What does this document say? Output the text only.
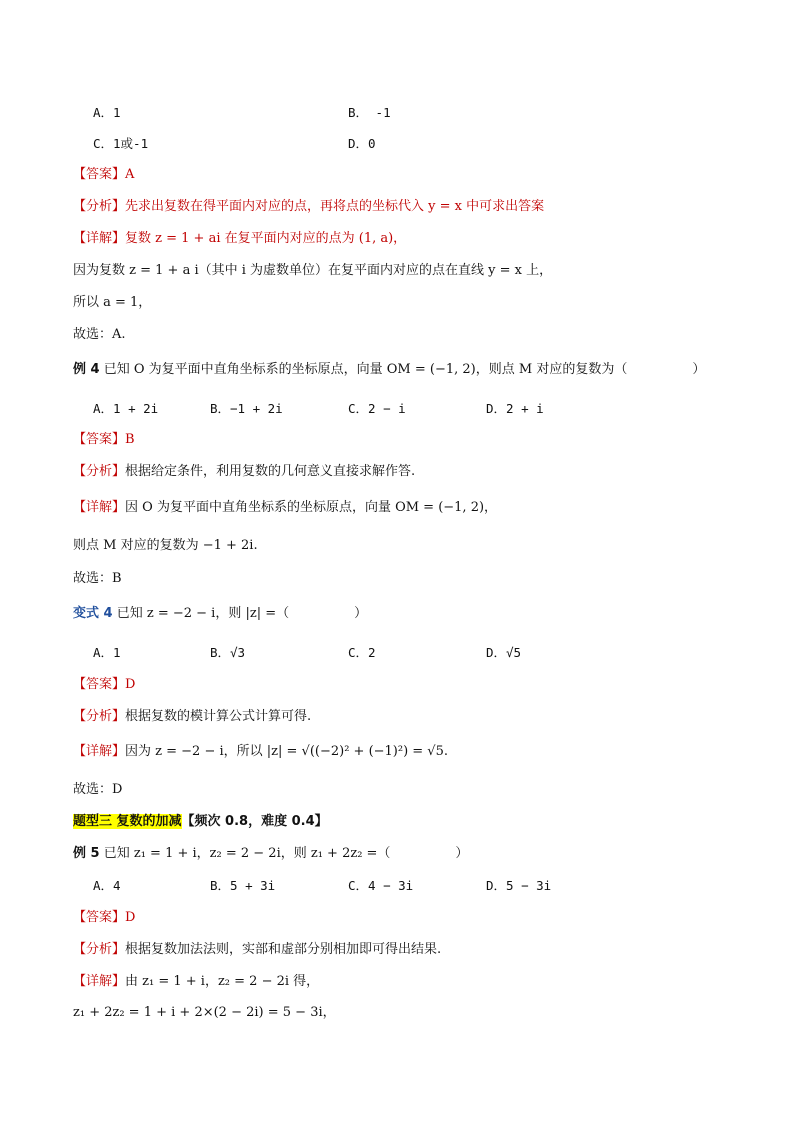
A．1	B． -1
C．1或-1	D．0
【答案】A
【分析】先求出复数在得平面内对应的点，再将点的坐标代入 y = x 中可求出答案
【详解】复数 z = 1 + ai 在复平面内对应的点为 (1, a)，
因为复数 z = 1 + a i（其中 i 为虚数单位）在复平面内对应的点在直线 y = x 上，
所以 a = 1，
故选：A.
例 4 已知 O 为复平面中直角坐标系的坐标原点，向量 OM = (−1, 2)，则点 M 对应的复数为（　　　　　）
A．1 + 2i	B．−1 + 2i	C．2 − i	D．2 + i
【答案】B
【分析】根据给定条件，利用复数的几何意义直接求解作答.
【详解】因 O 为复平面中直角坐标系的坐标原点，向量 OM = (−1, 2)，
则点 M 对应的复数为 −1 + 2i.
故选：B
变式 4 已知 z = −2 − i，则 |z| =（　　　　　）
A．1	B．√3	C．2	D．√5
【答案】D
【分析】根据复数的模计算公式计算可得.
【详解】因为 z = −2 − i，所以 |z| = √((−2)² + (−1)²) = √5.
故选：D
题型三 复数的加减【频次 0.8，难度 0.4】
例 5 已知 z₁ = 1 + i，z₂ = 2 − 2i，则 z₁ + 2z₂ =（　　　　　）
A．4	B．5 + 3i	C．4 − 3i	D．5 − 3i
【答案】D
【分析】根据复数加法法则，实部和虚部分别相加即可得出结果.
【详解】由 z₁ = 1 + i，z₂ = 2 − 2i 得，
z₁ + 2z₂ = 1 + i + 2×(2 − 2i) = 5 − 3i，
